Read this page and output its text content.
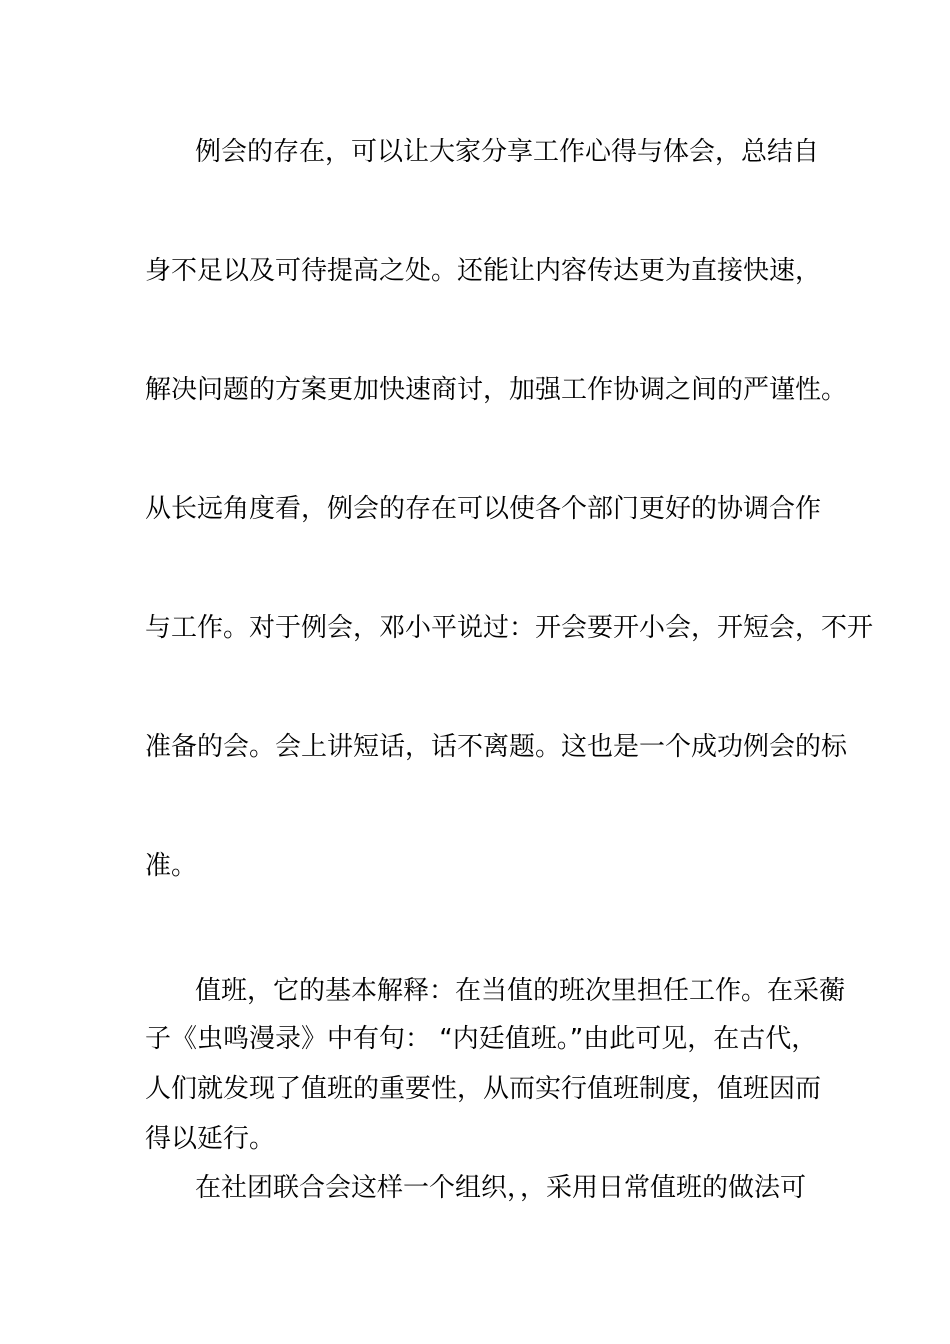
例会的存在，可以让大家分享工作心得与体会，总结自
身不足以及可待提高之处。还能让内容传达更为直接快速，
解决问题的方案更加快速商讨，加强工作协调之间的严谨性。
从长远角度看，例会的存在可以使各个部门更好的协调合作
与工作。对于例会，邓小平说过：开会要开小会，开短会，不开
准备的会。会上讲短话，话不离题。这也是一个成功例会的标
准。
值班，它的基本解释：在当值的班次里担任工作。在采蘅
子《虫鸣漫录》中有句： “内廷值班。”由此可见，在古代，
人们就发现了值班的重要性，从而实行值班制度，值班因而
得以延行。
在社团联合会这样一个组织，，采用日常值班的做法可
